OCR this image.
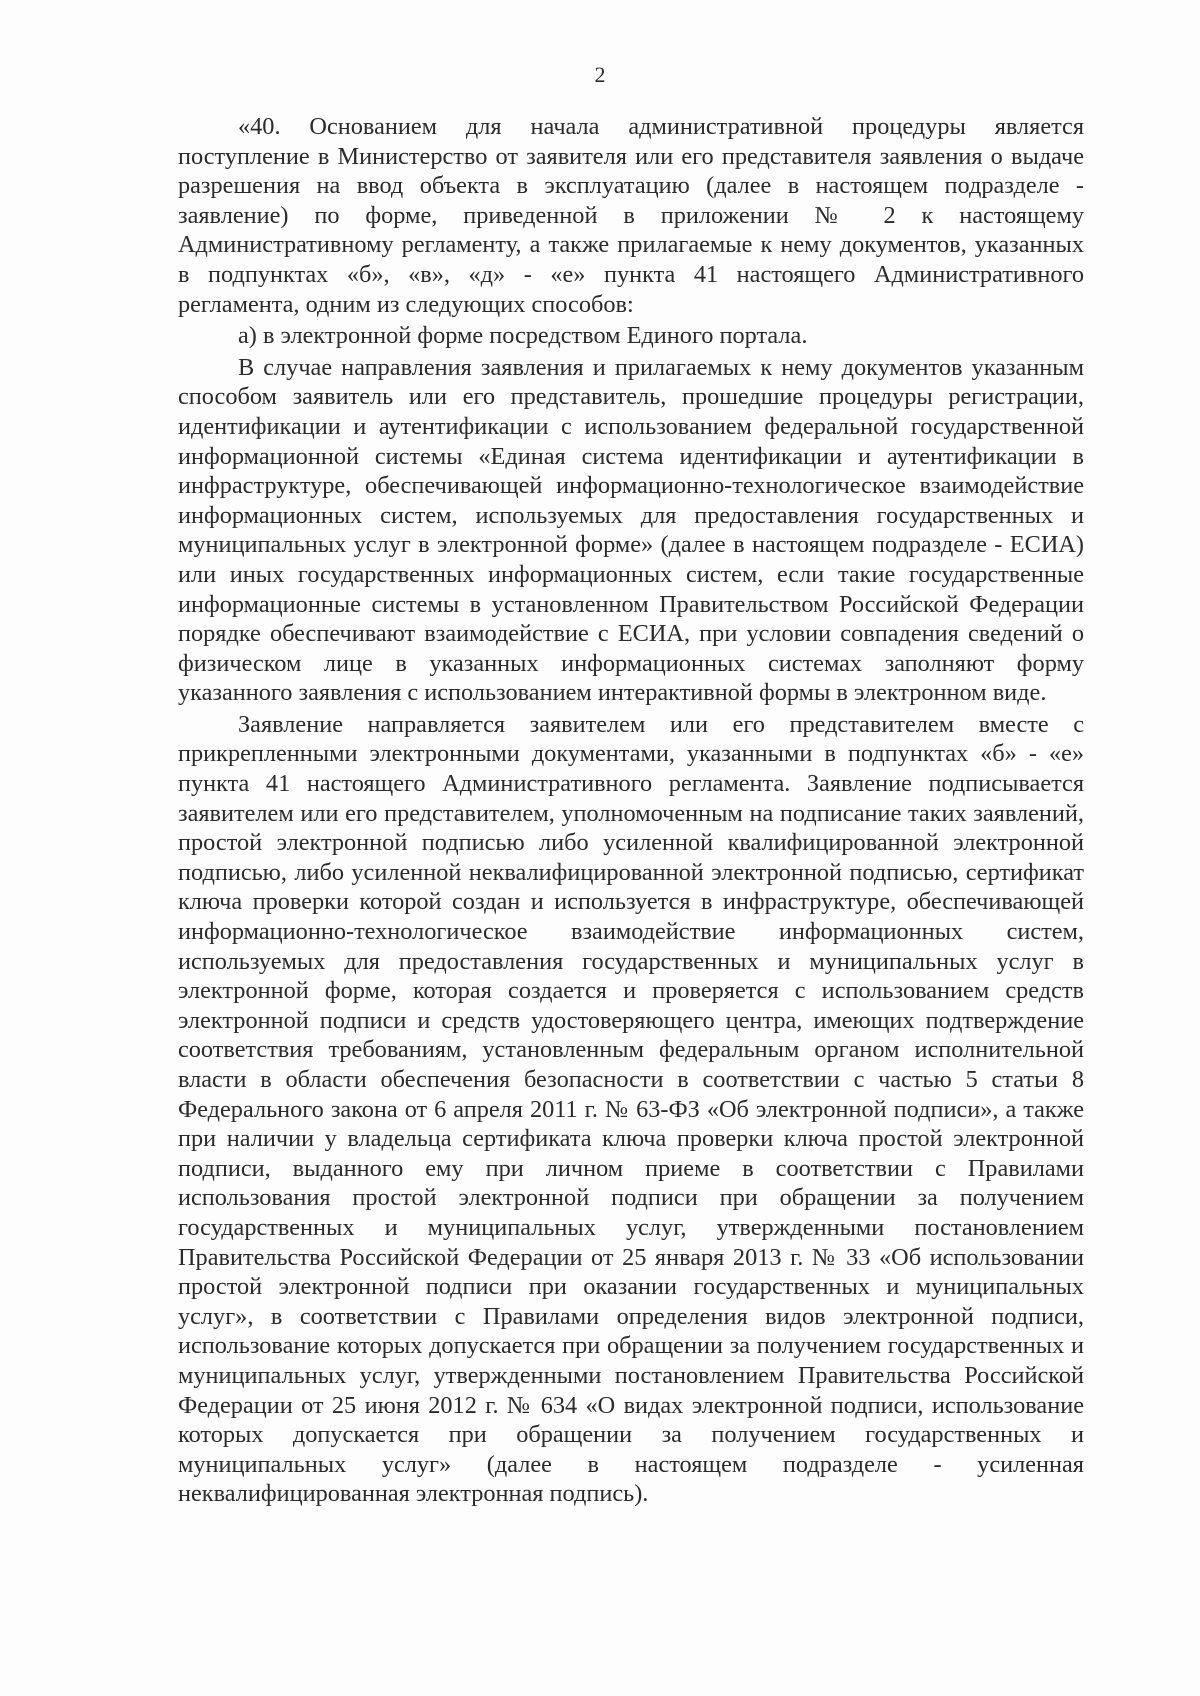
2

«40. Основанием для начала административной процедуры является поступление в Министерство от заявителя или его представителя заявления о выдаче разрешения на ввод объекта в эксплуатацию (далее в настоящем подразделе - заявление) по форме, приведенной в приложении № 2 к настоящему Административному регламенту, а также прилагаемые к нему документов, указанных в подпунктах «б», «в», «д» - «е» пункта 41 настоящего Административного регламента, одним из следующих способов:

а) в электронной форме посредством Единого портала.

В случае направления заявления и прилагаемых к нему документов указанным способом заявитель или его представитель, прошедшие процедуры регистрации, идентификации и аутентификации с использованием федеральной государственной информационной системы «Единая система идентификации и аутентификации в инфраструктуре, обеспечивающей информационно-технологическое взаимодействие информационных систем, используемых для предоставления государственных и муниципальных услуг в электронной форме» (далее в настоящем подразделе - ЕСИА) или иных государственных информационных систем, если такие государственные информационные системы в установленном Правительством Российской Федерации порядке обеспечивают взаимодействие с ЕСИА, при условии совпадения сведений о физическом лице в указанных информационных системах заполняют форму указанного заявления с использованием интерактивной формы в электронном виде.

Заявление направляется заявителем или его представителем вместе с прикрепленными электронными документами, указанными в подпунктах «б» - «е» пункта 41 настоящего Административного регламента. Заявление подписывается заявителем или его представителем, уполномоченным на подписание таких заявлений, простой электронной подписью либо усиленной квалифицированной электронной подписью, либо усиленной неквалифицированной электронной подписью, сертификат ключа проверки которой создан и используется в инфраструктуре, обеспечивающей информационно-технологическое взаимодействие информационных систем, используемых для предоставления государственных и муниципальных услуг в электронной форме, которая создается и проверяется с использованием средств электронной подписи и средств удостоверяющего центра, имеющих подтверждение соответствия требованиям, установленным федеральным органом исполнительной власти в области обеспечения безопасности в соответствии с частью 5 статьи 8 Федерального закона от 6 апреля 2011 г. № 63-ФЗ «Об электронной подписи», а также при наличии у владельца сертификата ключа проверки ключа простой электронной подписи, выданного ему при личном приеме в соответствии с Правилами использования простой электронной подписи при обращении за получением государственных и муниципальных услуг, утвержденными постановлением Правительства Российской Федерации от 25 января 2013 г. № 33 «Об использовании простой электронной подписи при оказании государственных и муниципальных услуг», в соответствии с Правилами определения видов электронной подписи, использование которых допускается при обращении за получением государственных и муниципальных услуг, утвержденными постановлением Правительства Российской Федерации от 25 июня 2012 г. № 634 «О видах электронной подписи, использование которых допускается при обращении за получением государственных и муниципальных услуг» (далее в настоящем подразделе - усиленная неквалифицированная электронная подпись).
